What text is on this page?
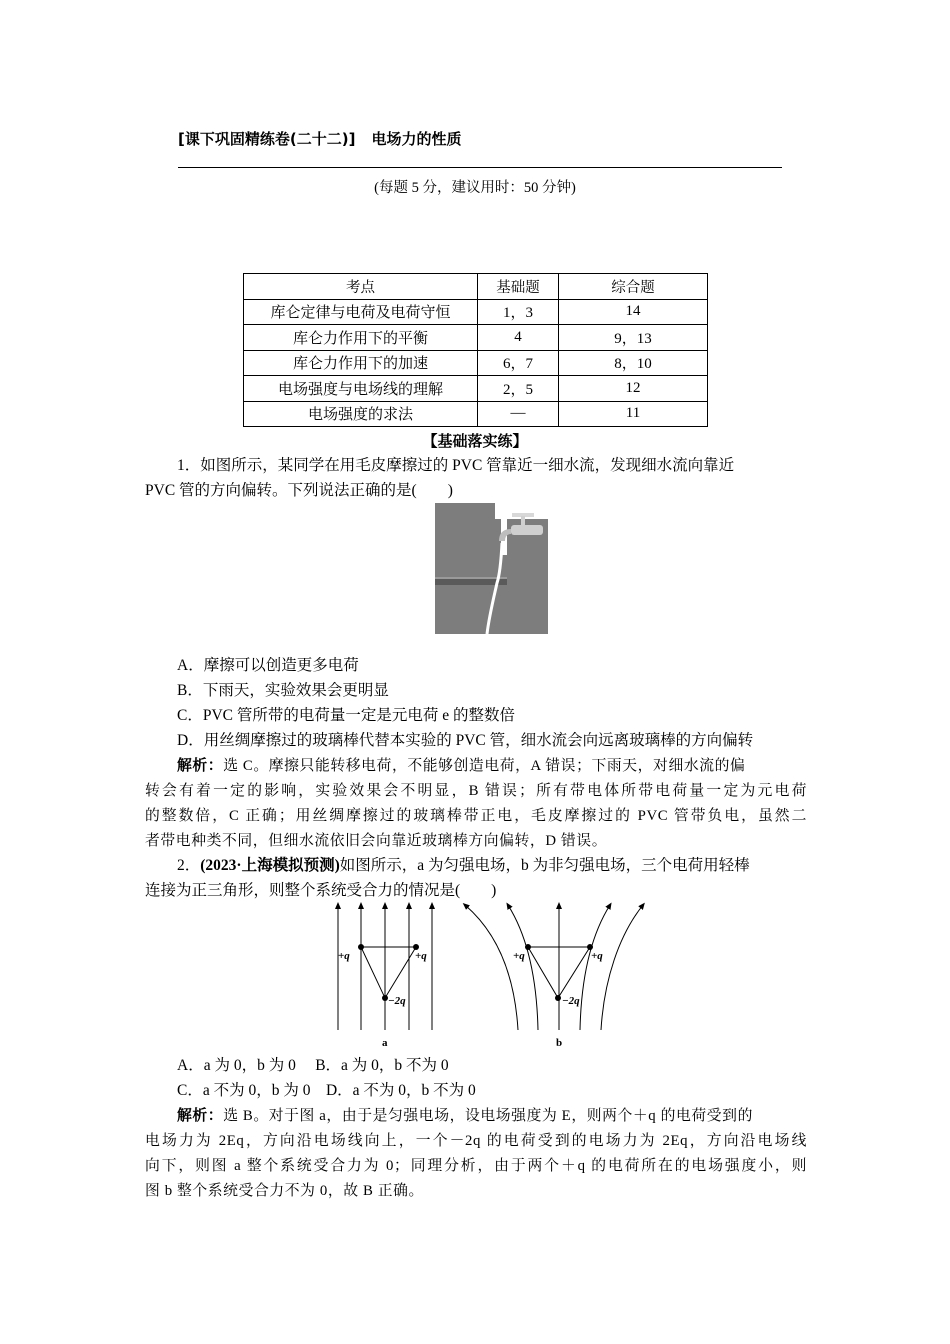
[课下巩固精练卷(二十二)] 电场力的性质
(每题 5 分，建议用时：50 分钟)
考点	基础题	综合题
库仑定律与电荷及电荷守恒	1，3	14
库仑力作用下的平衡	4	9，13
库仑力作用下的加速	6，7	8，10
电场强度与电场线的理解	2，5	12
电场强度的求法	—	11
【基础落实练】
1．如图所示，某同学在用毛皮摩擦过的 PVC 管靠近一细水流，发现细水流向靠近
PVC 管的方向偏转。下列说法正确的是(　　)
A．摩擦可以创造更多电荷
B．下雨天，实验效果会更明显
C．PVC 管所带的电荷量一定是元电荷 e 的整数倍
D．用丝绸摩擦过的玻璃棒代替本实验的 PVC 管，细水流会向远离玻璃棒的方向偏转
解析：选 C。摩擦只能转移电荷，不能够创造电荷，A 错误；下雨天，对细水流的偏
转会有着一定的影响，实验效果会不明显，B 错误；所有带电体所带电荷量一定为元电荷
的整数倍，C 正确；用丝绸摩擦过的玻璃棒带正电，毛皮摩擦过的 PVC 管带负电，虽然二
者带电种类不同，但细水流依旧会向靠近玻璃棒方向偏转，D 错误。
2．(2023·上海模拟预测)如图所示，a 为匀强电场，b 为非匀强电场，三个电荷用轻棒
连接为正三角形，则整个系统受合力的情况是(　　)
+q	+q
−2q
a
+q	+q
−2q
b
A．a 为 0，b 为 0　 B．a 为 0，b 不为 0
C．a 不为 0，b 为 0　D．a 不为 0，b 不为 0
解析：选 B。对于图 a，由于是匀强电场，设电场强度为 E，则两个＋q 的电荷受到的
电场力为 2Eq，方向沿电场线向上，一个－2q 的电荷受到的电场力为 2Eq，方向沿电场线
向下，则图 a 整个系统受合力为 0；同理分析，由于两个＋q 的电荷所在的电场强度小，则
图 b 整个系统受合力不为 0，故 B 正确。
